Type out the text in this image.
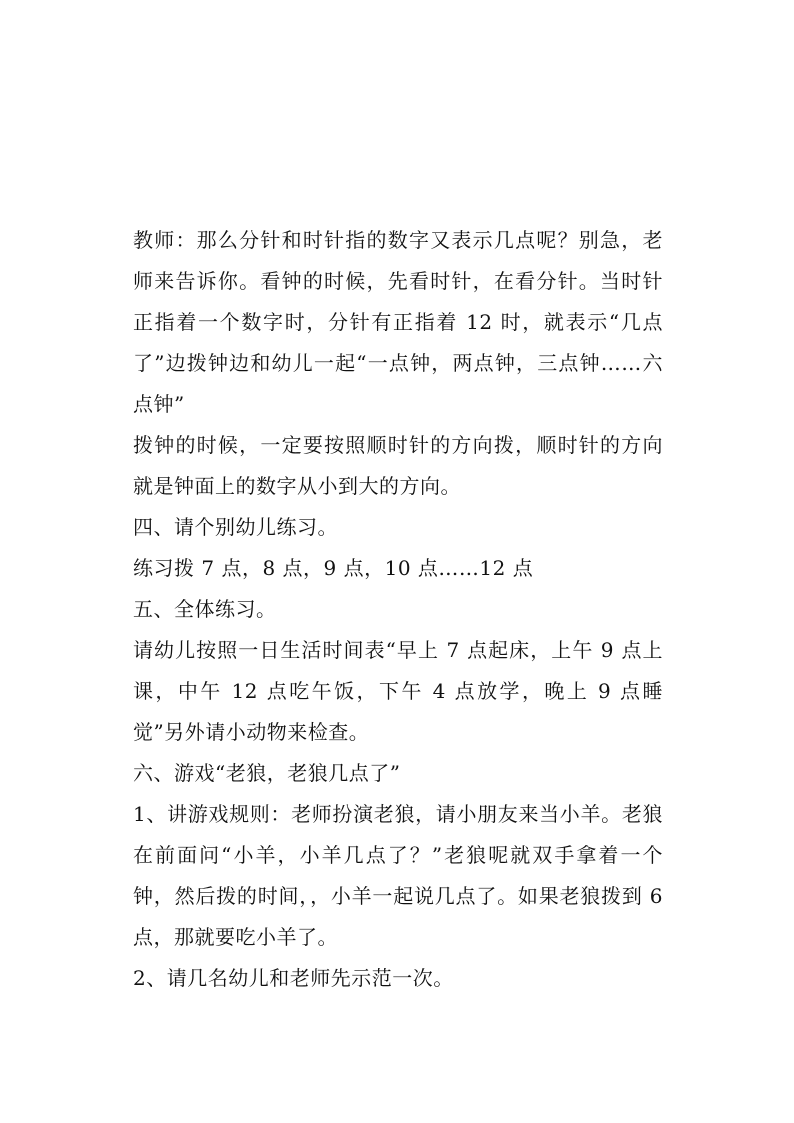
教师：那么分针和时针指的数字又表示几点呢？别急，老师来告诉你。看钟的时候，先看时针，在看分针。当时针正指着一个数字时，分针有正指着 12 时，就表示“几点了”边拨钟边和幼儿一起“一点钟，两点钟，三点钟……六点钟”

拨钟的时候，一定要按照顺时针的方向拨，顺时针的方向就是钟面上的数字从小到大的方向。

四、请个别幼儿练习。

练习拨 7 点，8 点，9 点，10 点……12 点

五、全体练习。

请幼儿按照一日生活时间表“早上 7 点起床，上午 9 点上课，中午 12 点吃午饭，下午 4 点放学，晚上 9 点睡觉”另外请小动物来检查。

六、游戏“老狼，老狼几点了”

1、讲游戏规则：老师扮演老狼，请小朋友来当小羊。老狼在前面问“小羊，小羊几点了？”老狼呢就双手拿着一个钟，然后拨的时间，，小羊一起说几点了。如果老狼拨到 6 点，那就要吃小羊了。

2、请几名幼儿和老师先示范一次。
